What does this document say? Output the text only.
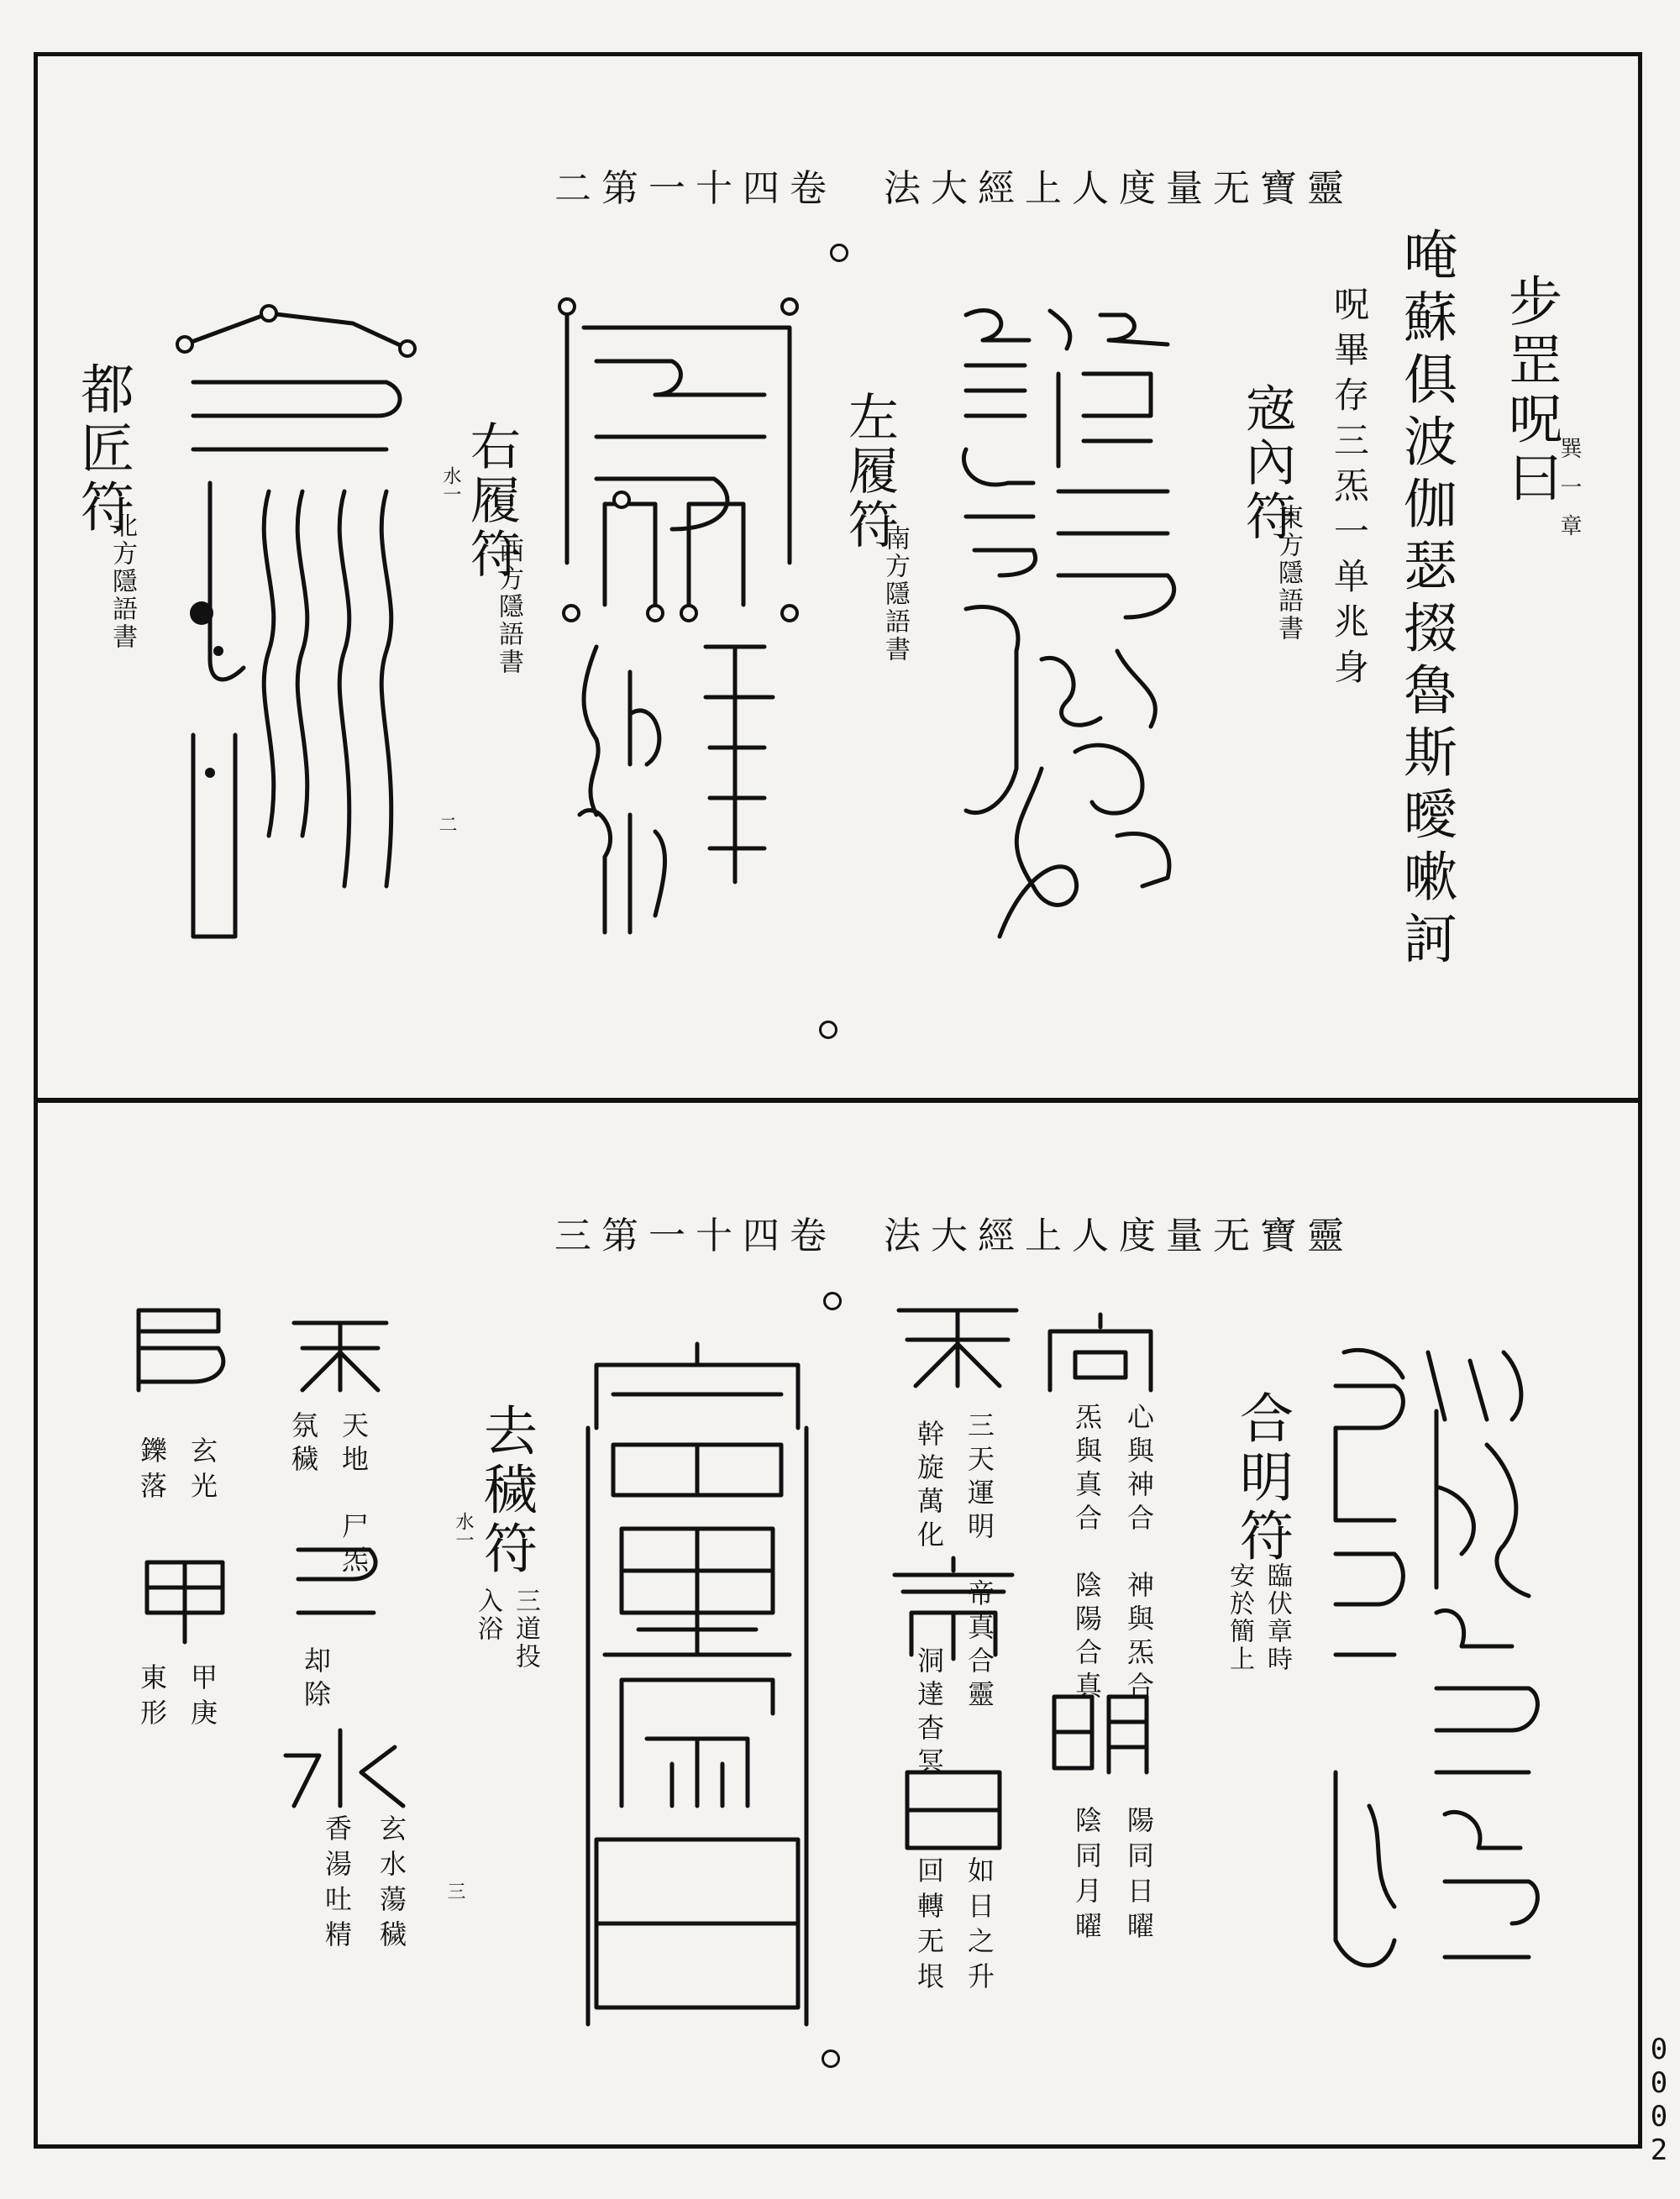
二第一十四卷　法大經上人度量无寶靈
巽一章
步罡呪曰
唵蘇俱波伽瑟掇魯斯曖嗽訶
呪畢存三炁一单兆身
宼內符
東方隱語書
左履符
南方隱語書
右履符
水一
西方隱語書
都匠符
北方隱語書
二
三第一十四卷　法大經上人度量无寶靈
合明符
臨伏章時
安於簡上
心與神合　神與炁合
炁與真合　陰陽合真
陽同日曜
陰同月曜
三天運明　帝真合靈
幹旋萬化
洞達杳冥
如日之升
回轉无垠
去穢符
水一
三道投
入浴
三
天地　尸炁
氛穢
却除
玄水蕩穢
香湯吐精
玄光
鑠落
甲庚
東形
0002
